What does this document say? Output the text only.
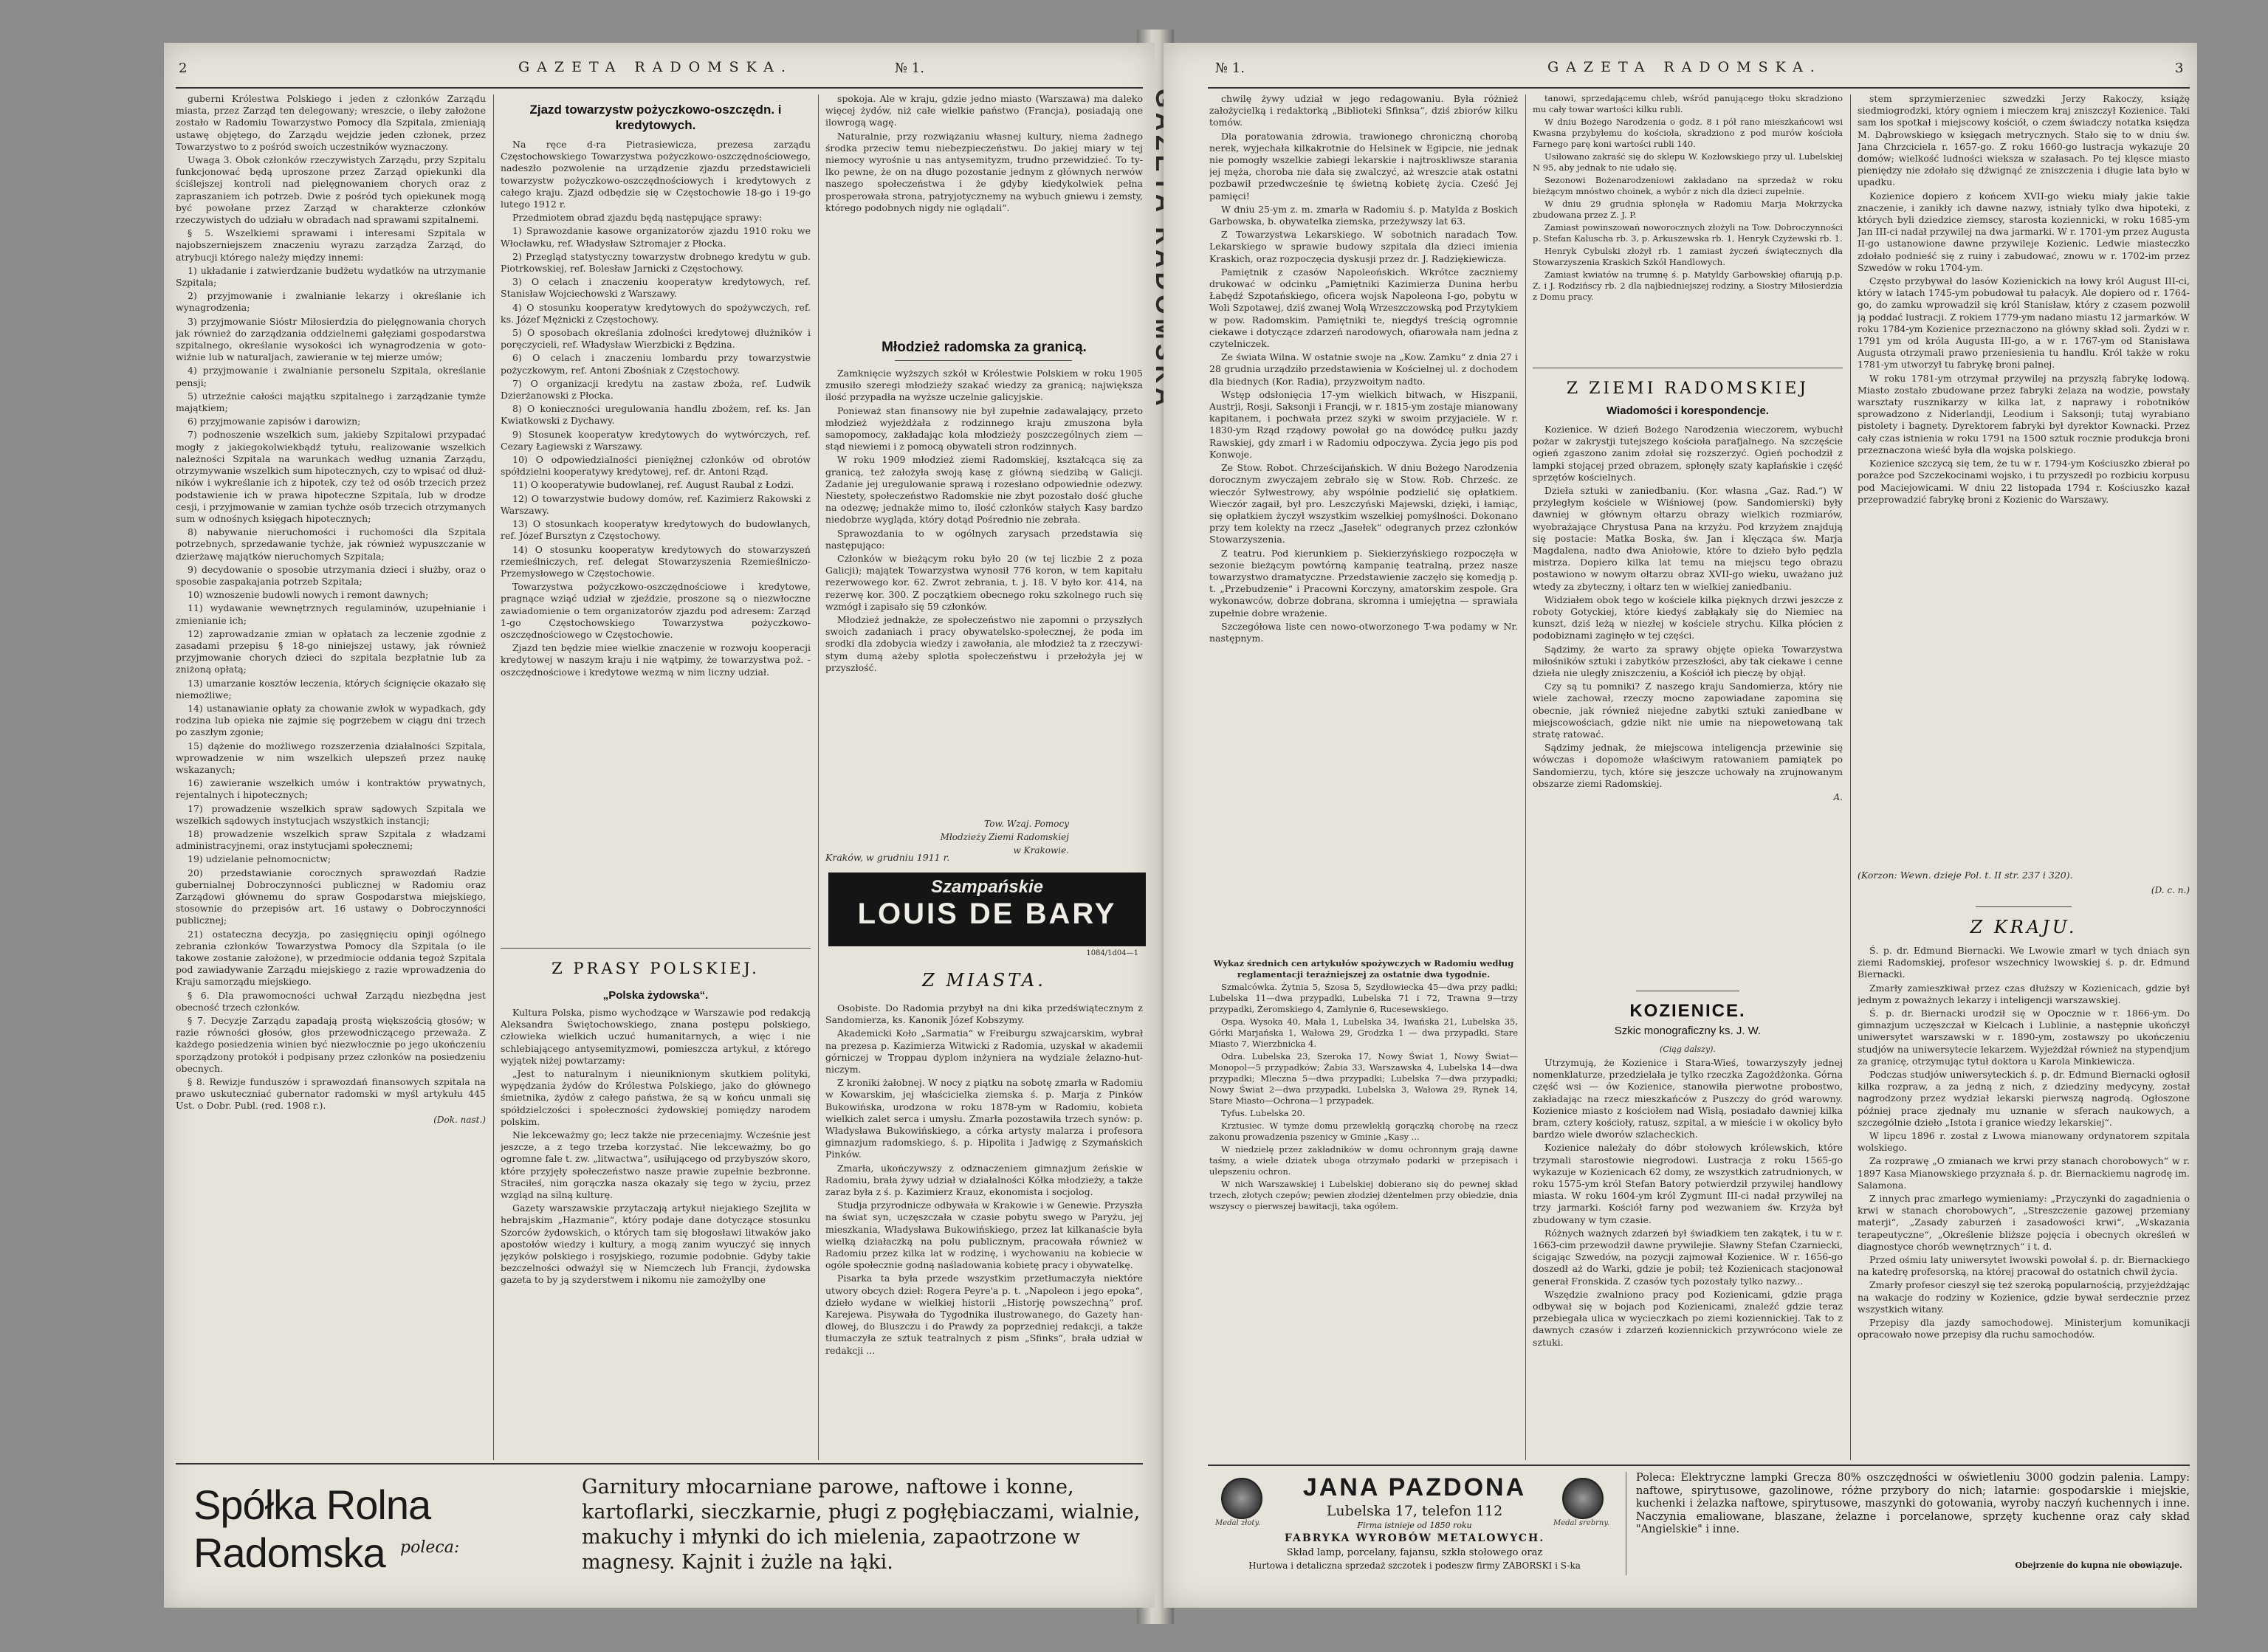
2	GAZETA RADOMSKA.	№ 1.

guberni Królestwa Polskiego i jeden z członków Zarządu miasta, przez Zarząd ten delegowany; wreszcie, o ileby założone zostało w Radomiu Towarzystwo Pomocy dla Szpitala, zmieniają ustawę objętego, do Zarządu wejdzie jeden członek, przez Towarzystwo to z pośród swoich uczestników wyznaczony.

Uwaga 3. Obok członków rzeczywistych Zarządu, przy Szpitalu funkcjonować będą uproszone przez Zarząd opiekunki dla ściślejszej kontroli nad pielęgnowaniem chorych oraz z zapraszaniem ich potrzeb. Dwie z pośród tych opiekunek mogą być powołane przez Zarząd w charakterze członków rzeczywistych do udziału w obradach nad sprawami szpitalnemi.

§ 5. Wszelkiemi sprawami i interesami Szpitala w najobszerniejszem znaczeniu wyrazu zarządza Zarząd, do atrybucji którego należy między innemi:

1) układanie i zatwierdzanie budżetu wydatków na utrzymanie Szpitala;

2) przyjmowanie i zwalnianie lekarzy i określanie ich wynagrodzenia;

3) przyjmowanie Sióstr Miłosierdzia do pielęgnowania chorych jak również do zarządzania oddzielnemi gałęziami gospodarstwa szpitalnego, określanie wysokości ich wynagrodzenia w gotowiźnie lub w naturaljach, zawieranie w tej mierze umów;

4) przyjmowanie i zwalnianie personelu Szpitala, określanie pensji;

5) utrzeźnie całości majątku szpitalnego i zarządzanie tymże majątkiem;

6) przyjmowanie zapisów i darowizn;

7) podnoszenie wszelkich sum, jakieby Szpitalowi przypadać mogły z jakiegokolwiekbądź tytułu, realizowanie wszelkich należności Szpitala na warunkach według uznania Zarządu, otrzymywanie wszelkich sum hipotecznych, czy to wpisać od dłużników i wykreślanie ich z hipotek, czy też od osób trzecich przez podstawienie ich w prawa hipoteczne Szpitala, lub w drodze cesji, i przyjmowanie w zamian tychże osób trzecich otrzymanych sum w odnośnych księgach hipotecznych;

8) nabywanie nieruchomości i ruchomości dla Szpitala potrzebnych, sprzedawanie tychże, jak również wypuszczanie w dzierżawę majątków nieruchomych Szpitala;

9) decydowanie o sposobie utrzymania dzieci i służby, oraz o sposobie zaspakajania potrzeb Szpitala;

10) wznoszenie budowli nowych i remont dawnych;

11) wydawanie wewnętrznych regulaminów, uzupełnianie i zmienianie ich;

12) zaprowadzanie zmian w opłatach za leczenie zgodnie z zasadami przepisu § 18-go niniejszej ustawy, jak również przyjmowanie chorych dzieci do szpitala bezpłatnie lub za zniżoną opłatą;

13) umarzanie kosztów leczenia, których ścignięcie okazało się niemożliwe;

14) ustanawianie opłaty za chowanie zwłok w wypadkach, gdy rodzina lub opieka nie zajmie się pogrzebem w ciągu dni trzech po zaszłym zgonie;

15) dążenie do możliwego rozszerzenia działalności Szpitala, wprowadzenie w nim wszelkich ulepszeń przez naukę wskazanych;

16) zawieranie wszelkich umów i kontraktów prywatnych, rejentalnych i hipotecznych;

17) prowadzenie wszelkich spraw sądowych Szpitala we wszelkich sądowych instytucjach wszystkich instancji;

18) prowadzenie wszelkich spraw Szpitala z władzami administracyjnemi, oraz instytucjami społecznemi;

19) udzielanie pełnomocnictw;

20) przedstawianie corocznych sprawozdań Radzie gubernialnej Dobroczynności publicznej w Radomiu oraz Zarządowi głównemu do spraw Gospodarstwa miejskiego, stosownie do przepisów art. 16 ustawy o Dobroczynności publicznej;

21) ostateczna decyzja, po zasięgnięciu opinji ogólnego zebrania członków Towarzystwa Pomocy dla Szpitala (o ile takowe zostanie założone), w przedmiocie oddania tegoż Szpitala pod zawiadywanie Zarządu miejskiego z razie wprowadzenia do Kraju samorządu miejskiego.

§ 6. Dla prawomocności uchwał Zarządu niezbędna jest obecność trzech członków.

§ 7. Decyzje Zarządu zapadają prostą większością głosów; w razie równości głosów, głos przewodniczącego przeważa. Z każdego posiedzenia winien być niezwłocznie po jego ukończeniu sporządzony protokół i podpisany przez członków na posiedzeniu obecnych.

§ 8. Rewizje funduszów i sprawozdań finansowych szpitala na prawo uskuteczniać gubernator radomski w myśl artykułu 445 Ust. o Dobr. Publ. (red. 1908 r.).

(Dok. nast.)

Zjazd towarzystw pożyczkowo-oszczędn. i kredytowych.

Na ręce d-ra Pietrasiewicza, prezesa zarządu Częstochowskiego Towarzystwa pożyczkowo-oszczędnościowego, nadeszło pozwolenie na urządzenie zjazdu przedstawicieli towarzystw pożyczkowo-oszczędnościowych i kredytowych z całego kraju. Zjazd odbędzie się w Częstochowie 18-go i 19-go lutego 1912 r.

Przedmiotem obrad zjazdu będą następujące sprawy:

1) Sprawozdanie kasowe organizatorów zjazdu 1910 roku we Włocławku, ref. Władysław Sztromajer z Płocka.

2) Przegląd statystyczny towarzystw drobnego kredytu w gub. Piotrkowskiej, ref. Bolesław Jarnicki z Częstochowy.

3) O celach i znaczeniu kooperatyw kredytowych, ref. Stanisław Wojciechowski z Warszawy.

4) O stosunku kooperatyw kredytowych do spożywczych, ref. ks. Józef Mężnicki z Częstochowy.

5) O sposobach określania zdolności kredytowej dłużników i poręczycieli, ref. Władysław Wierzbicki z Będzina.

6) O celach i znaczeniu lombardu przy towarzystwie pożyczkowym, ref. Antoni Zbośniak z Częstochowy.

7) O organizacji kredytu na zastaw zboża, ref. Ludwik Dzierżanowski z Płocka.

8) O konieczności uregulowania handlu zbożem, ref. ks. Jan Kwiatkowski z Dychawy.

9) Stosunek kooperatyw kredytowych do wytwórczych, ref. Cezary Łagiewski z Warszawy.

10) O odpowiedzialności pieniężnej członków od obrotów spółdzielni kooperatywy kredytowej, ref. dr. Antoni Rząd.

11) O kooperatywie budowlanej, ref. August Raubal z Łodzi.

12) O towarzystwie budowy domów, ref. Kazimierz Rakowski z Warszawy.

13) O stosunkach kooperatyw kredytowych do budowlanych, ref. Józef Bursztyn z Częstochowy.

14) O stosunku kooperatyw kredytowych do stowarzyszeń rzemieślniczych, ref. delegat Stowarzyszenia Rzemieślniczo-Przemysłowego w Częstochowie.

Towarzystwa pożyczkowo-oszczędnościowe i kredytowe, pragnące wziąć udział w zjeździe, proszone są o niezwłoczne zawiadomienie o tem organizatorów zjazdu pod adresem: Zarząd 1-go Częstochowskiego Towarzystwa pożyczkowo-oszczędnościowego w Częstochowie.

Zjazd ten będzie miee wielkie znaczenie w rozwoju kooperacji kredytowej w naszym kraju i nie wątpimy, że towarzystwa poż. - oszczędnościowe i kredytowe wezmą w nim liczny udział.

Z PRASY POLSKIEJ.
„Polska żydowska“.

Kultura Polska, pismo wychodzące w Warszawie pod redakcją Aleksandra Świętochowskiego, znana postępu polskiego, człowieka wielkich uczuć humanitarnych, a więc i nie schlebiającego antysemityzmowi, pomieszcza artykuł, z którego wyjątek niżej powtarzamy:

„Jest to naturalnym i nieuniknionym skutkiem polityki, wypędzania żydów do Królestwa Polskiego, jako do głównego śmietnika, żydów z całego państwa, że są w końcu unmali się spółdzielczości i społeczności żydowskiej pomiędzy narodem polskim.

Nie lekceważmy go; lecz także nie przeceniajmy. Wcześnie jest jeszcze, a z tego trzeba korzystać. Nie lekceważmy, bo go ogromne fale t. zw. „litwactwa“, usiłującego od przybyszów skoro, które przyjęły społeczeństwo nasze prawie zupełnie bezbronne. Straciłeś, nim gorączka nasza okazały się tego w życiu, przez wzgląd na silną kulturę.

Gazety warszawskie przytaczają artykuł niejakiego Szejlita w hebrajskim „Hazmanie“, który podaje dane dotyczące stosunku Szorców żydowskich, o których tam się błogosławi litwaków jako apostołów wiedzy i kultury, a mogą zanim wyuczyć się innych języków polskiego i rosyjskiego, rozumie podobnie. Gdyby takie bezczelności odważył się w Niemczech lub Francji, żydowska gazeta to by ją szyderstwem i nikomu nie zamożylby one

spokoja. Ale w kraju, gdzie jedno miasto (Warszawa) ma daleko więcej żydów, niż całe wielkie państwo (Francja), posiadają one ilowrogą wagę.

Naturalnie, przy rozwiązaniu własnej kultury, niema żadnego środka przeciw temu niebezpieczeństwu. Do jakiej miary w tej niemocy wyrośnie u nas antysemityzm, trudno przewidzieć. To tylko pewne, że on na długo pozostanie jednym z głównych nerwów naszego społeczeństwa i że gdyby kiedykolwiek pełna prosperowała strona, patryjotycznemy na wybuch gniewu i zemsty, którego podobnych nigdy nie oglądali“.

Młodzież radomska za granicą.

Zamknięcie wyższych szkół w Królestwie Polskiem w roku 1905 zmusiło szeregi młodzieży szakać wiedzy za granicą; największa ilość przypadła na wyższe uczelnie galicyjskie.

Ponieważ stan finansowy nie był zupełnie zadawalający, przeto młodzież wyjeżdżała z rodzinnego kraju zmuszona była samopomocy, zakładając kola młodzieży poszczególnych ziem — stąd niewiemi i z pomocą obywateli stron rodzinnych.

W roku 1909 młodzież ziemi Radomskiej, kształcąca się za granicą, też założyła swoją kasę z główną siedzibą w Galicji. Zadanie jej uregulowanie sprawą i rozesłano odpowiednie odezwy. Niestety, społeczeństwo Radomskie nie zbyt pozostało dość głuche na odezwę; jednakże mimo to, ilość członków stałych Kasy bardzo niedobrze wygląda, który dotąd Pośrednio nie zebrała.

Sprawozdania to w ogólnych zarysach przedstawia się następująco:

Członków w bieżącym roku było 20 (w tej liczbie 2 z poza Galicji); majątek Towarzystwa wynosił 776 koron, w tem kapitału rezerwowego kor. 62. Zwrot zebrania, t. j. 18. V było kor. 414, na rezerwę kor. 300. Z początkiem obecnego roku szkolnego ruch się wzmógł i zapisało się 59 członków.

Młodzież jednakże, ze społeczeństwo nie zapomni o przyszłych swoich zadaniach i pracy obywatelsko-społecznej, że poda im srodki dla zdobycia wiedzy i zawołania, ale młodzież ta z rzeczywistym dumą ażeby splotła społeczeństwu i przełożyła jej w przyszłość.

Tow. Wzaj. Pomocy

Młodzieży Ziemi Radomskiej

w Krakowie.

Kraków, w grudniu 1911 r.
Szampańskie
LOUIS DE BARY
1084/1d04—1
Z MIASTA.

Osobiste. Do Radomia przybył na dni kika przedświątecznym z Sandomierza, ks. Kanonik Józef Kobszymy.

Akademicki Koło „Sarmatia“ w Freiburgu szwajcarskim, wybrał na prezesa p. Kazimierza Witwicki z Radomia, uzyskał w akademii górniczej w Troppau dyplom inżyniera na wydziale żelazno-hutniczym.

Z kroniki żałobnej. W nocy z piątku na sobotę zmarła w Radomiu w Kowarskim, jej właścicielka ziemska ś. p. Marja z Pinków Bukowińska, urodzona w roku 1878-ym w Radomiu, kobieta wielkich zalet serca i umysłu. Zmarła pozostawiła trzech synów: p. Władysława Bukowińskiego, a córka artysty malarza i profesora gimnazjum radomskiego, ś. p. Hipolita i Jadwigę z Szymańskich Pinków.

Zmarła, ukończywszy z odznaczeniem gimnazjum żeńskie w Radomiu, brała żywy udział w działalności Kółka młodzieży, a także zaraz była z ś. p. Kazimierz Krauz, ekonomista i socjolog.

Studja przyrodnicze odbywała w Krakowie i w Genewie. Przyszła na świat syn, uczęszczała w czasie pobytu swego w Paryżu, jej mieszkania, Władysława Bukowińskiego, przez lat kilkanaście była wielką działaczką na polu publicznym, pracowała również w Radomiu przez kilka lat w rodzinę, i wychowaniu na kobiecie w ogóle społecznie godną naśladowania kobietę pracy i obywatelkę.

Pisarka ta była przede wszystkim przetłumaczyła niektóre utwory obcych dzieł: Rogera Peyre'a p. t. „Napoleon i jego epoka“, dzieło wydane w wielkiej historii „Historję powszechną“ prof. Karejewa. Pisywała do Tygodnika ilustrowanego, do Gazety handlowej, do Bluszczu i do Prawdy za poprzedniej redakcji, a także tłumaczyła ze sztuk teatralnych z pism „Sfinks“, brała udział w redakcji ...

Spółka Rolna Radomska poleca:
Garnitury młocarniane parowe, naftowe i konne, kartoflarki, sieczkarnie, pługi z pogłębiaczami, wialnie, makuchy i młynki do ich mielenia, zapaotrzone w magnesy. Kajnit i żużle na łąki.
№ 1.	GAZETA RADOMSKA.	3

chwilę żywy udział w jego redagowaniu. Była różnież założycielką i redaktorką „Biblioteki Sfinksa“, dziś zbiorów kilku tomów.

Dla poratowania zdrowia, trawionego chroniczną chorobą nerek, wyjechała kilkakrotnie do Helsinek w Egipcie, nie jednak nie pomogły wszelkie zabiegi lekarskie i najtroskliwsze starania jej męża, choroba nie dała się zwalczyć, aż wreszcie atak ostatni pozbawił przedwcześnie tę świetną kobietę życia. Cześć Jej pamięci!

W dniu 25-ym z. m. zmarła w Radomiu ś. p. Matylda z Boskich Garbowska, b. obywatelka ziemska, przeżywszy lat 63.

Z Towarzystwa Lekarskiego. W sobotnich naradach Tow. Lekarskiego w sprawie budowy szpitala dla dzieci imienia Kraskich, oraz rozpoczęcia dyskusji przez dr. J. Radziękiewicza.

Pamiętnik z czasów Napoleońskich. Wkrótce zaczniemy drukować w odcinku „Pamiętniki Kazimierza Dunina herbu Łabędź Szpotańskiego, oficera wojsk Napoleona I-go, pobytu w Woli Szpotawej, dziś zwanej Wolą Wrzeszczowską pod Przytykiem w pow. Radomskim. Pamiętniki te, niegdyś treścią ogromnie ciekawe i dotyczące zdarzeń narodowych, ofiarowała nam jedna z czytelniczek.

Ze świata Wilna. W ostatnie swoje na „Kow. Zamku“ z dnia 27 i 28 grudnia urządziło przedstawienia w Kościelnej ul. z dochodem dla biednych (Kor. Radia), przyzwoitym nadto.

Wstęp odsłonięcia 17-ym wielkich bitwach, w Hiszpanii, Austrji, Rosji, Saksonji i Francji, w r. 1815-ym zostaje mianowany kapitanem, i pochwała przez szyki w swoim przyjaciele. W r. 1830-ym Rząd rządowy powołał go na dowódcę pułku jazdy Rawskiej, gdy zmarł i w Radomiu odpoczywa. Życia jego pis pod Konwoje.

Ze Stow. Robot. Chrześcijańskich. W dniu Bożego Narodzenia dorocznym zwyczajem zebrało się w Stow. Rob. Chrześc. ze wieczór Sylwestrowy, aby wspólnie podzielić się opłatkiem. Wieczór zagaił, był pro. Leszczyński Majewski, dzięki, i łamiąc, się opłatkiem życzył wszystkim wszelkiej pomyślności. Dokonano przy tem kolekty na rzecz „Jasełek“ odegranych przez członków Stowarzyszenia.

Z teatru. Pod kierunkiem p. Siekierzyńskiego rozpoczęła w sezonie bieżącym powtórną kampanię teatralną, przez nasze towarzystwo dramatyczne. Przedstawienie zaczęło się komedją p. t. „Przebudzenie“ i Pracowni Korczyny, amatorskim zespole. Gra wykonawców, dobrze dobrana, skromna i umiejętna — sprawiała zupełnie dobre wrażenie.

Szczegółowa liste cen nowo-otworzonego T-wa podamy w Nr. następnym.

Wykaz średnich cen artykułów spożywczych w Radomiu według reglamentacji teraźniejszej za ostatnie dwa tygodnie.

Szmalcówka. Żytnia 5, Szosa 5, Szydłowiecka 45—dwa przy padki; Lubelska 11—dwa przypadki, Lubelska 71 i 72, Trawna 9—trzy przypadki, Żeromskiego 4, Zamłynie 6, Rucesewskiego.

Ospa. Wysoka 40, Mała 1, Lubelska 34, Iwańska 21, Lubelska 35, Górki Marjańska 1, Wałowa 29, Grodzka 1 — dwa przypadki, Stare Miasto 7, Wierzbnicka 4.

Odra. Lubelska 23, Szeroka 17, Nowy Świat 1, Nowy Świat—Monopol—5 przypadków; Żabia 33, Warszawska 4, Lubelska 14—dwa przypadki; Mleczna 5—dwa przypadki; Lubelska 7—dwa przypadki; Nowy Świat 2—dwa przypadki, Lubelska 3, Wałowa 29, Rynek 14, Stare Miasto—Ochrona—1 przypadek.

Tyfus. Lubelska 20.

Krztusiec. W tymże domu przewlekłą gorączką chorobę na rzecz zakonu prowadzenia pszenicy w Gminie „Kasy ...

W niedzielę przez zakładników w domu ochronnym grają dawne taśmy, a wiele dziatek uboga otrzymało podarki w przepisach i ulepszeniu ochron.

W nich Warszawskiej i Lubelskiej dobierano się do pewnej skład trzech, złotych czepów; pewien złodziej dżentelmen przy obiedzie, dnia wszyscy o pierwszej bawitacji, taka ogółem.

tanowi, sprzedającemu chleb, wśród panującego tłoku skradziono mu cały towar wartości kilku rubli.

W dniu Bożego Narodzenia o godz. 8 i pół rano mieszkańcowi wsi Kwasna przybyłemu do kościoła, skradziono z pod murów kościoła Farnego parę koni wartości rubli 140.

Usiłowano zakraść się do sklepu W. Kozłowskiego przy ul. Lubelskiej N 95, aby jednak to nie udało się.

Sezonowi Bożenarodzeniowi zakładano na sprzedaż w roku bieżącym mnóstwo choinek, a wybór z nich dla dzieci zupełnie.

W dniu 29 grudnia spłonęła w Radomiu Marja Mokrzycka zbudowana przez Z. J. P.

Zamiast powinszowań noworocznych złożyli na Tow. Dobroczynności p. Stefan Kaluscha rb. 3, p. Arkuszewska rb. 1, Henryk Czyżewski rb. 1.

Henryk Cybulski złożył rb. 1 zamiast życzeń świątecznych dla Stowarzyszenia Kraskich Szkół Handlowych.

Zamiast kwiatów na trumnę ś. p. Matyldy Garbowskiej ofiarują p.p. Z. i J. Rodzińscy rb. 2 dla najbiedniejszej rodziny, a Siostry Miłosierdzia z Domu pracy.

Z ZIEMI RADOMSKIEJ
Wiadomości i korespondencje.

Kozienice. W dzień Bożego Narodzenia wieczorem, wybuchł pożar w zakrystji tutejszego kościoła parafjalnego. Na szczęście ogień zgaszono zanim zdołał się rozszerzyć. Ogień pochodził z lampki stojącej przed obrazem, spłonęły szaty kapłańskie i część sprzętów kościelnych.

Dzieła sztuki w zaniedbaniu. (Kor. własna „Gaz. Rad.“) W przyległym kościele w Wiśniowej (pow. Sandomierski) były dawniej w głównym ołtarzu obrazy wielkich rozmiarów, wyobrażające Chrystusa Pana na krzyżu. Pod krzyżem znajdują się postacie: Matka Boska, św. Jan i klęcząca św. Marja Magdalena, nadto dwa Aniołowie, które to dzieło było pędzla mistrza. Dopiero kilka lat temu na miejscu tego obrazu postawiono w nowym ołtarzu obraz XVII-go wieku, uważano już wtedy za zbyteczny, i ołtarz ten w wielkiej zaniedbaniu.

Widziałem obok tego w kościele kilka pięknych drzwi jeszcze z roboty Gotyckiej, które kiedyś zabłąkały się do Niemiec na kunszt, dziś leżą w niezłej w kościele strychu. Kilka płócien z podobiznami zaginęło w tej części.

Sądzimy, że warto za sprawy objęte opieka Towarzystwa miłośników sztuki i zabytków przeszłości, aby tak ciekawe i cenne dzieła nie uległy zniszczeniu, a Kościół ich pieczę by objął.

Czy są tu pomniki? Z naszego kraju Sandomierza, który nie wiele zachował, rzeczy mocno zapowiadane zapomina się obecnie, jak również niejedne zabytki sztuki zaniedbane w miejscowościach, gdzie nikt nie umie na niepowetowaną tak stratę ratować.

Sądzimy jednak, że miejscowa inteligencja przewinie się wówczas i dopomoże właściwym ratowaniem pamiątek po Sandomierzu, tych, które się jeszcze uchowały na zrujnowanym obszarze ziemi Radomskiej.

A.

KOZIENICE.
Szkic monograficzny ks. J. W.
(Ciąg dalszy).

Utrzymują, że Kozienice i Stara-Wieś, towarzyszyły jednej nomenklaturze, przedzielała je tylko rzeczka Zagożdżonka. Górna część wsi — ów Kozienice, stanowiła pierwotne probostwo, zakładając na rzecz mieszkańców z Puszczy do gród warowny. Kozienice miasto z kościołem nad Wisłą, posiadało dawniej kilka bram, cztery kościoły, ratusz, szpital, a w mieście i w okolicy było bardzo wiele dworów szlacheckich.

Kozienice należały do dóbr stołowych królewskich, które trzymali starostowie niegrodowi. Lustracja z roku 1565-go wykazuje w Kozienicach 62 domy, ze wszystkich zatrudnionych, w roku 1575-ym król Stefan Batory potwierdził przywilej handlowy miasta. W roku 1604-ym król Zygmunt III-ci nadał przywilej na trzy jarmarki. Kościół farny pod wezwaniem św. Krzyża był zbudowany w tym czasie.

Różnych ważnych zdarzeń był świadkiem ten zakątek, i tu w r. 1663-cim przewodził dawne prywilejie. Sławny Stefan Czarniecki, ścigając Szwedów, na pozycji zajmował Kozienice. W r. 1656-go doszedł aż do Warki, gdzie je pobił; też Kozienicach stacjonował generał Fronskida. Z czasów tych pozostały tylko nazwy...

Wszędzie zwalniono pracy pod Kozienicami, gdzie prąga odbywał się w bojach pod Kozienicami, znaleźć gdzie teraz przebiegała ulica w wycieczkach po ziemi koziennickiej. Tak to z dawnych czasów i zdarzeń koziennickich przywrócono wiele ze sztuki.

stem sprzymierzeniec szwedzki Jerzy Rakoczy, książę siedmiogrodzki, który ogniem i mieczem kraj zniszczył Kozienice. Taki sam los spotkał i miejscowy kościół, o czem świadczy notatka księdza M. Dąbrowskiego w księgach metrycznych. Stało się to w dniu św. Jana Chrzciciela r. 1657-go. Z roku 1660-go lustracja wykazuje 20 domów; wielkość ludności wieksza w szałasach. Po tej klęsce miasto pieniędzy nie zdołało się dźwignąć ze zniszczenia i długie lata było w upadku.

Kozienice dopiero z końcem XVII-go wieku miały jakie takie znaczenie, i zanikły ich dawne nazwy, istniały tylko dwa hipoteki, z których byli dziedzice ziemscy, starosta koziennicki, w roku 1685-ym Jan III-ci nadał przywilej na dwa jarmarki. W r. 1701-ym przez Augusta II-go ustanowione dawne przywileje Kozienic. Ledwie miasteczko zdołało podnieść się z ruiny i zabudować, znowu w r. 1702-im przez Szwedów w roku 1704-ym.

Często przybywał do lasów Kozienickich na łowy król August III-ci, który w latach 1745-ym pobudował tu pałacyk. Ale dopiero od r. 1764-go, do zamku wprowadził się król Stanisław, który z czasem pozwolił ją poddać lustracji. Z rokiem 1779-ym nadano miastu 12 jarmarków. W roku 1784-ym Kozienice przeznaczono na główny skład soli. Żydzi w r. 1791 ym od króla Augusta III-go, a w r. 1767-ym od Stanisława Augusta otrzymali prawo przeniesienia tu handlu. Król także w roku 1781-ym utworzył tu fabrykę broni palnej.

W roku 1781-ym otrzymał przywilej na przyszłą fabrykę lodową. Miasto zostało zbudowane przez fabryki żelaza na wodzie, powstały warsztaty rusznikarzy w kilka lat, z naprawy i robotników sprowadzono z Niderlandji, Leodium i Saksonji; tutaj wyrabiano pistolety i bagnety. Dyrektorem fabryki był dyrektor Kownacki. Przez cały czas istnienia w roku 1791 na 1500 sztuk rocznie produkcja broni przeznaczona wieść była dla wojska polskiego.

Kozienice szczycą się tem, że tu w r. 1794-ym Kościuszko zbierał po porażce pod Szczekocinami wojsko, i tu przyszedł po rozbiciu korpusu pod Maciejowicami. W dniu 22 listopada 1794 r. Kościuszko kazał przeprowadzić fabrykę broni z Kozienic do Warszawy.

(Korzon: Wewn. dzieje Pol. t. II str. 237 i 320).
(D. c. n.)
Z KRAJU.

Ś. p. dr. Edmund Biernacki. We Lwowie zmarł w tych dniach syn ziemi Radomskiej, profesor wszechnicy lwowskiej ś. p. dr. Edmund Biernacki.

Zmarły zamieszkiwał przez czas dłuższy w Kozienicach, gdzie był jednym z poważnych lekarzy i inteligencji warszawskiej.

Ś. p. dr. Biernacki urodził się w Opocznie w r. 1866-ym. Do gimnazjum uczęszczał w Kielcach i Lublinie, a następnie ukończył uniwersytet warszawski w r. 1890-ym, zostawszy po ukończeniu studjów na uniwersytecie lekarzem. Wyjeżdżał również na stypendjum za granicę, otrzymując tytuł doktora u Karola Minkiewicza.

Podczas studjów uniwersyteckich ś. p. dr. Edmund Biernacki ogłosił kilka rozpraw, a za jedną z nich, z dziedziny medycyny, został nagrodzony przez wydział lekarski pierwszą nagrodą. Ogłoszone później prace zjednały mu uznanie w sferach naukowych, a szczególnie dzieło „Istota i granice wiedzy lekarskiej“.

W lipcu 1896 r. został z Lwowa mianowany ordynatorem szpitala wolskiego.

Za rozprawę „O zmianach we krwi przy stanach chorobowych“ w r. 1897 Kasa Mianowskiego przyznała ś. p. dr. Biernackiemu nagrodę im. Salamona.

Z innych prac zmarłego wymieniamy: „Przyczynki do zagadnienia o krwi w stanach chorobowych“, „Streszczenie gazowej przemiany materji“, „Zasady zaburzeń i zasadowości krwi“, „Wskazania terapeutyczne“, „Określenie bliższe pojęcia i obecnych określeń w diagnostyce chorób wewnętrznych“ i t. d.

Przed ośmiu laty uniwersytet lwowski powołał ś. p. dr. Biernackiego na katedrę profesorską, na której pracował do ostatnich chwil życia.

Zmarły profesor cieszył się też szeroką popularnością, przyjeżdżając na wakacje do rodziny w Kozienice, gdzie bywał serdecznie przez wszystkich witany.

Przepisy dla jazdy samochodowej. Ministerjum komunikacji opracowało nowe przepisy dla ruchu samochodów.

Medal złoty.	Medal srebrny.
JANA PAZDONA
Lubelska 17, telefon 112
Firma istnieje od 1850 roku
FABRYKA WYROBÓW METALOWYCH.
Skład lamp, porcelany, fajansu, szkła stołowego oraz
Hurtowa i detaliczna sprzedaż szczotek i podeszw firmy ZABORSKI i S-ka
Poleca: Elektryczne lampki Grecza 80% oszczędności w oświetleniu 3000 godzin palenia. Lampy: naftowe, spirytusowe, gazolinowe, różne przybory do nich; latarnie: gospodarskie i miejskie, kuchenki i żelazka naftowe, spirytusowe, maszynki do gotowania, wyroby naczyń kuchennych i inne. Naczynia emaliowane, blaszane, żelazne i porcelanowe, sprzęty kuchenne oraz cały skład "Angielskie" i inne.
Obejrzenie do kupna nie obowiązuje.
